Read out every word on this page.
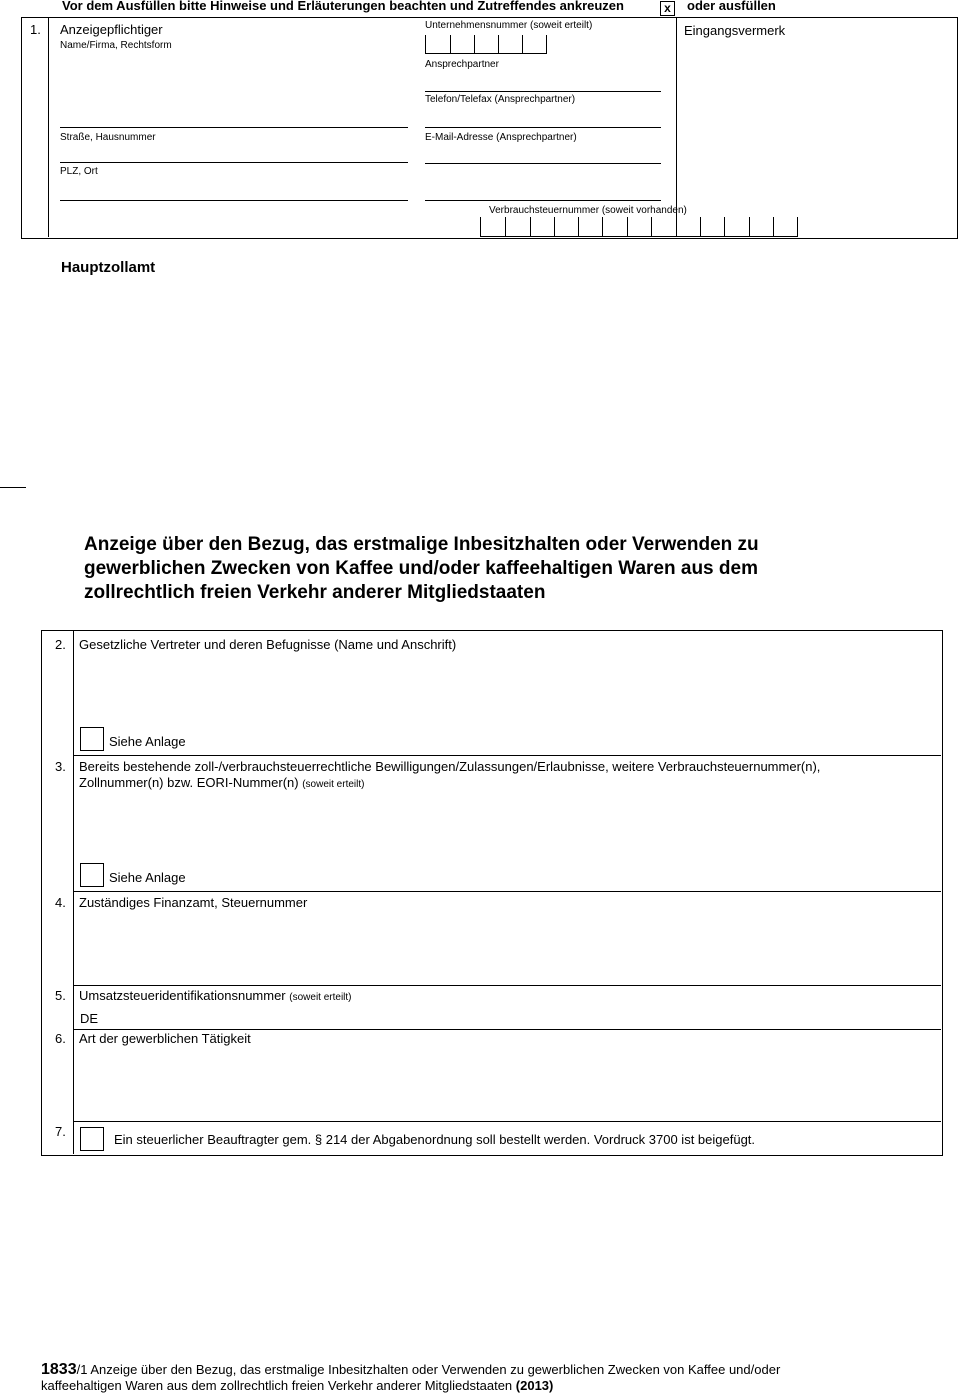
Vor dem Ausfüllen bitte Hinweise und Erläuterungen beachten und Zutreffendes ankreuzen	x	oder ausfüllen
1. Anzeigepflichtiger
Name/Firma, Rechtsform
Unternehmensnummer (soweit erteilt)	Eingangsvermerk
Ansprechpartner
Telefon/Telefax (Ansprechpartner)
Straße, Hausnummer	E-Mail-Adresse (Ansprechpartner)
PLZ, Ort
Verbrauchsteuernummer (soweit vorhanden)
Hauptzollamt
Anzeige über den Bezug, das erstmalige Inbesitzhalten oder Verwenden zu
gewerblichen Zwecken von Kaffee und/oder kaffeehaltigen Waren aus dem
zollrechtlich freien Verkehr anderer Mitgliedstaaten
2. Gesetzliche Vertreter und deren Befugnisse (Name und Anschrift)
Siehe Anlage
3. Bereits bestehende zoll-/verbrauchsteuerrechtliche Bewilligungen/Zulassungen/Erlaubnisse, weitere Verbrauchsteuernummer(n),
Zollnummer(n) bzw. EORI-Nummer(n) (soweit erteilt)
Siehe Anlage
4. Zuständiges Finanzamt, Steuernummer
5. Umsatzsteueridentifikationsnummer (soweit erteilt)
DE
6. Art der gewerblichen Tätigkeit
7.
Ein steuerlicher Beauftragter gem. § 214 der Abgabenordnung soll bestellt werden. Vordruck 3700 ist beigefügt.
1833/1 Anzeige über den Bezug, das erstmalige Inbesitzhalten oder Verwenden zu gewerblichen Zwecken von Kaffee und/oder
kaffeehaltigen Waren aus dem zollrechtlich freien Verkehr anderer Mitgliedstaaten (2013)
